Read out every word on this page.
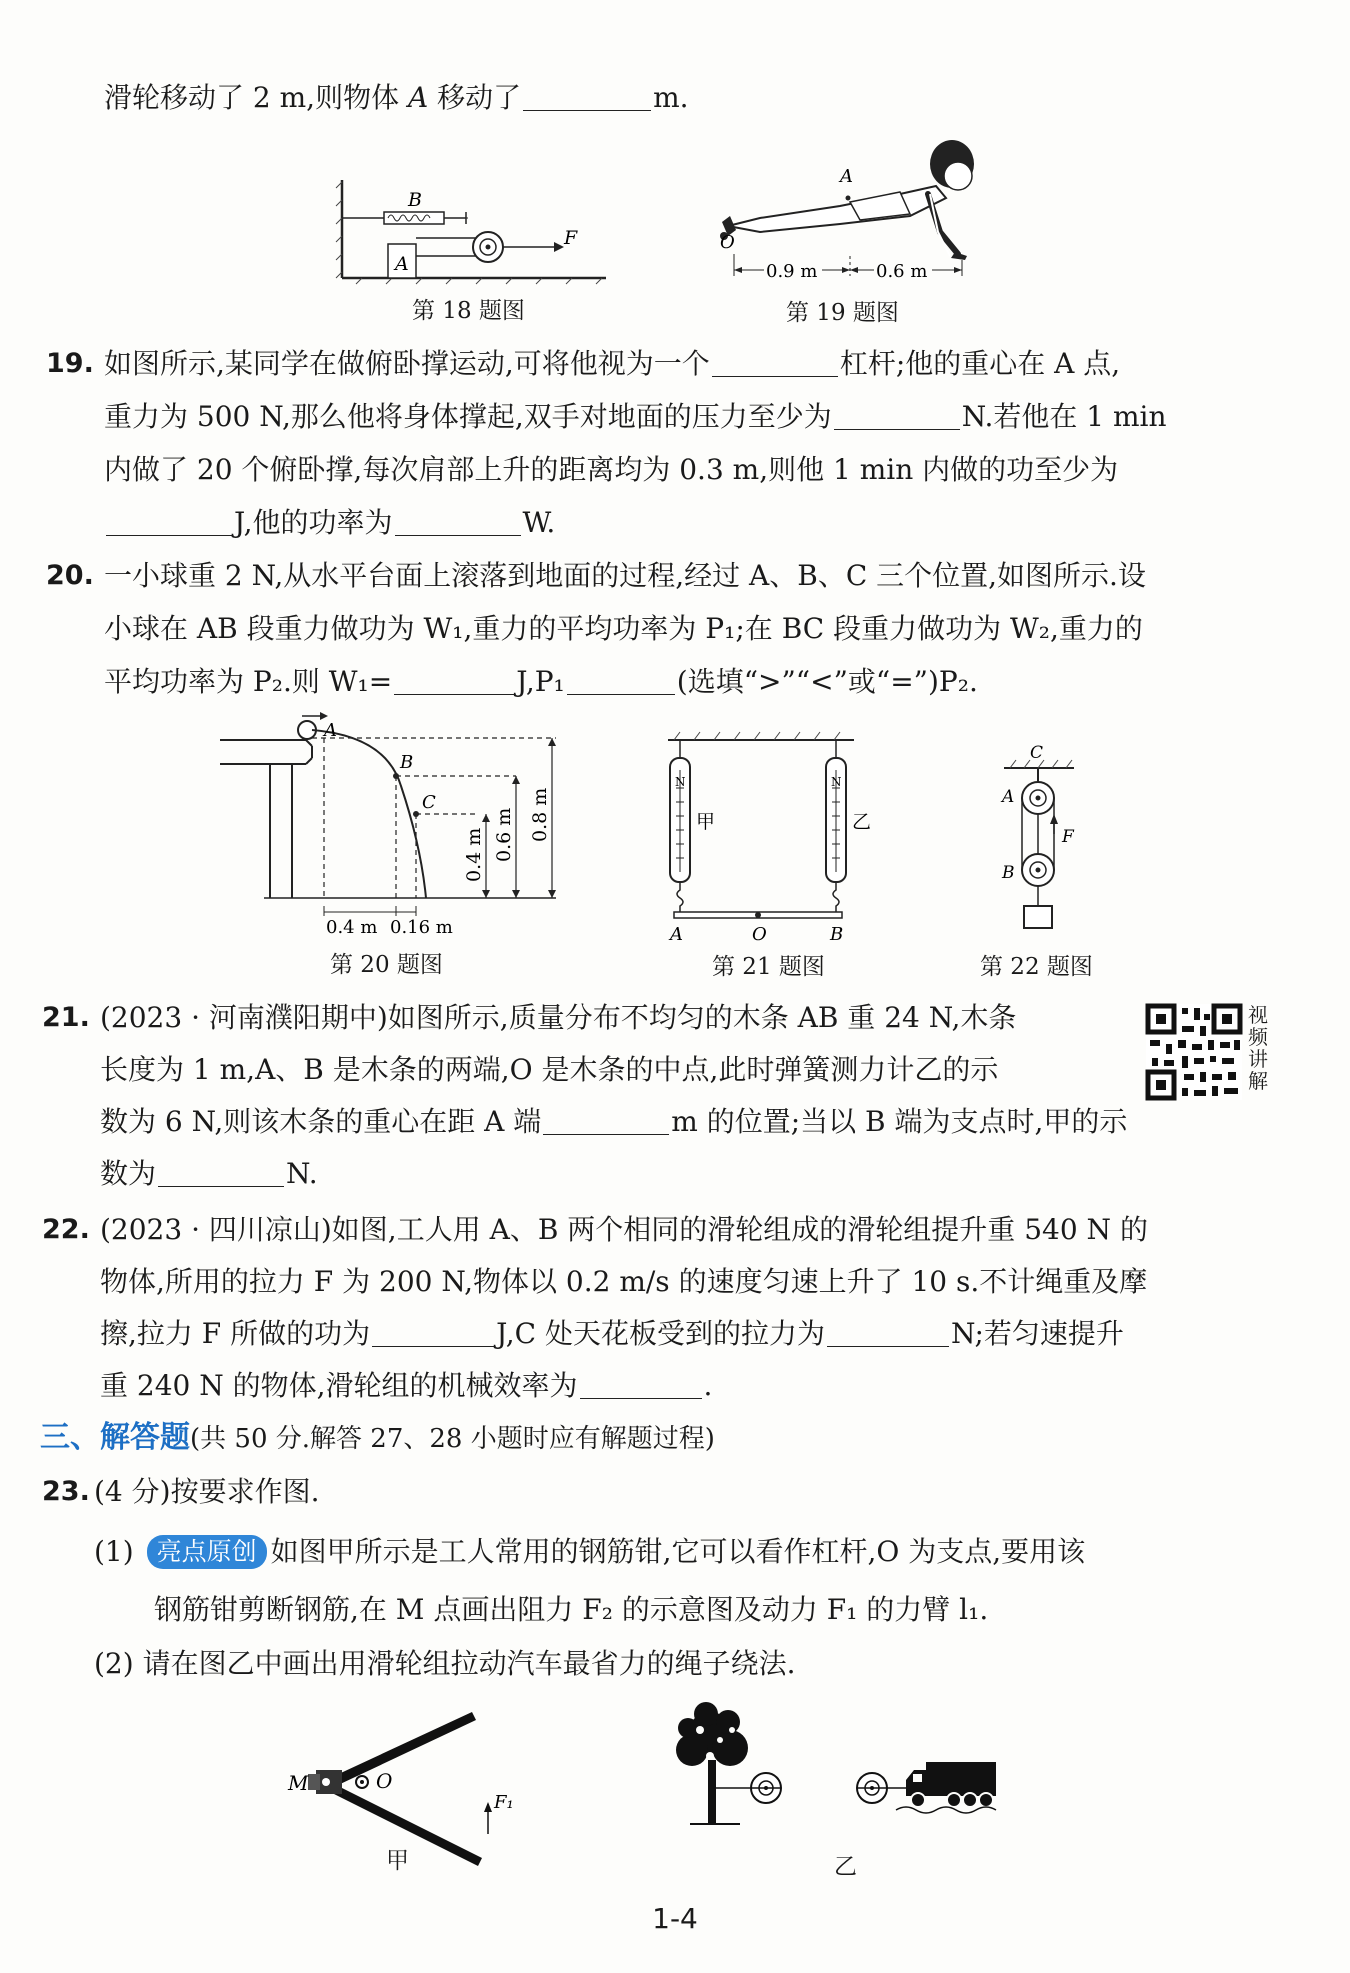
滑轮移动了 2 m,则物体 A 移动了	m.
B
A
F
第 18 题图
O
A
0.9 m	0.6 m
第 19 题图
19. 如图所示,某同学在做俯卧撑运动,可将他视为一个	杠杆;他的重心在 A 点,
重力为 500 N,那么他将身体撑起,双手对地面的压力至少为	N.若他在 1 min
内做了 20 个俯卧撑,每次肩部上升的距离均为 0.3 m,则他 1 min 内做的功至少为
J,他的功率为	W.
20. 一小球重 2 N,从水平台面上滚落到地面的过程,经过 A、B、C 三个位置,如图所示.设
小球在 AB 段重力做功为 W₁,重力的平均功率为 P₁;在 BC 段重力做功为 W₂,重力的
平均功率为 P₂.则 W₁=	J,P₁	(选填“>”“<”或“=”)P₂.
0.4 m 0.6 m 0.8 m
A
B
C
0.4 m 0.16 m
第 20 题图
N	N
甲	乙
A	O	B
第 21 题图
C
A
B
F
第 22 题图
21. (2023 · 河南濮阳期中)如图所示,质量分布不均匀的木条 AB 重 24 N,木条
长度为 1 m,A、B 是木条的两端,O 是木条的中点,此时弹簧测力计乙的示
数为 6 N,则该木条的重心在距 A 端	m 的位置;当以 B 端为支点时,甲的示
数为	N.
视频讲解
22. (2023 · 四川凉山)如图,工人用 A、B 两个相同的滑轮组成的滑轮组提升重 540 N 的
物体,所用的拉力 F 为 200 N,物体以 0.2 m/s 的速度匀速上升了 10 s.不计绳重及摩
擦,拉力 F 所做的功为	J,C 处天花板受到的拉力为	N;若匀速提升
重 240 N 的物体,滑轮组的机械效率为	.
三、解答题(共 50 分.解答 27、28 小题时应有解题过程)
23. (4 分)按要求作图.
(1) 亮点原创 如图甲所示是工人常用的钢筋钳,它可以看作杠杆,O 为支点,要用该
钢筋钳剪断钢筋,在 M 点画出阻力 F₂ 的示意图及动力 F₁ 的力臂 l₁.
(2) 请在图乙中画出用滑轮组拉动汽车最省力的绳子绕法.
M	O
F₁
甲	乙
1-4
